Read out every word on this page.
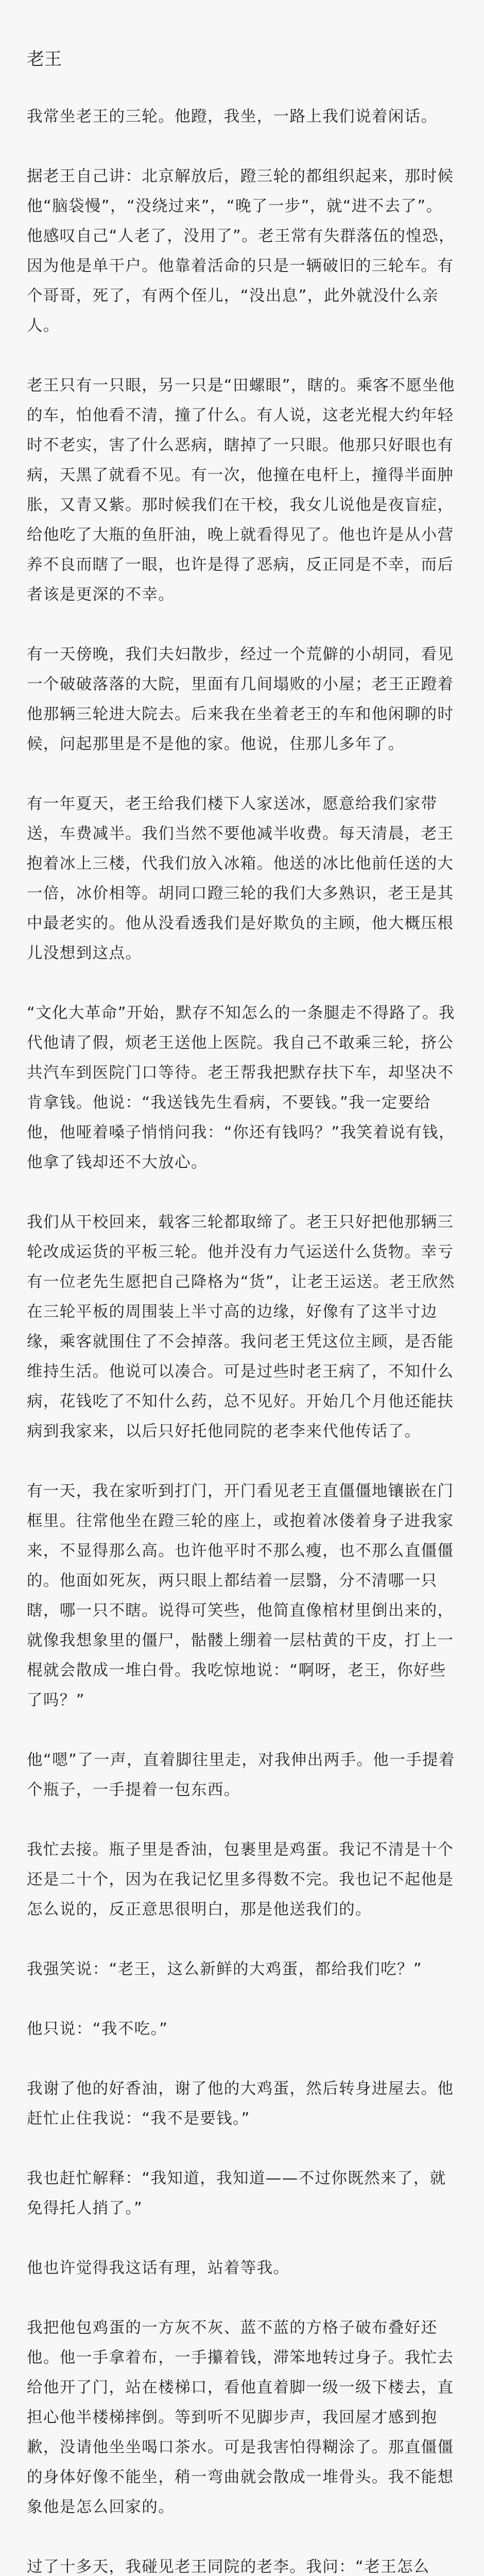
老王

我常坐老王的三轮。他蹬，我坐，一路上我们说着闲话。

据老王自己讲：北京解放后，蹬三轮的都组织起来，那时候他“脑袋慢”，“没绕过来”，“晚了一步”，就“进不去了”。他感叹自己“人老了，没用了”。老王常有失群落伍的惶恐，因为他是单干户。他靠着活命的只是一辆破旧的三轮车。有个哥哥，死了，有两个侄儿，“没出息”，此外就没什么亲人。

老王只有一只眼，另一只是“田螺眼”，瞎的。乘客不愿坐他的车，怕他看不清，撞了什么。有人说，这老光棍大约年轻时不老实，害了什么恶病，瞎掉了一只眼。他那只好眼也有病，天黑了就看不见。有一次，他撞在电杆上，撞得半面肿胀，又青又紫。那时候我们在干校，我女儿说他是夜盲症，给他吃了大瓶的鱼肝油，晚上就看得见了。他也许是从小营养不良而瞎了一眼，也许是得了恶病，反正同是不幸，而后者该是更深的不幸。

有一天傍晚，我们夫妇散步，经过一个荒僻的小胡同，看见一个破破落落的大院，里面有几间塌败的小屋；老王正蹬着他那辆三轮进大院去。后来我在坐着老王的车和他闲聊的时候，问起那里是不是他的家。他说，住那儿多年了。

有一年夏天，老王给我们楼下人家送冰，愿意给我们家带送，车费减半。我们当然不要他减半收费。每天清晨，老王抱着冰上三楼，代我们放入冰箱。他送的冰比他前任送的大一倍，冰价相等。胡同口蹬三轮的我们大多熟识，老王是其中最老实的。他从没看透我们是好欺负的主顾，他大概压根儿没想到这点。

“文化大革命”开始，默存不知怎么的一条腿走不得路了。我代他请了假，烦老王送他上医院。我自己不敢乘三轮，挤公共汽车到医院门口等待。老王帮我把默存扶下车，却坚决不肯拿钱。他说：“我送钱先生看病，不要钱。”我一定要给他，他哑着嗓子悄悄问我：“你还有钱吗？”我笑着说有钱，他拿了钱却还不大放心。

我们从干校回来，载客三轮都取缔了。老王只好把他那辆三轮改成运货的平板三轮。他并没有力气运送什么货物。幸亏有一位老先生愿把自己降格为“货”，让老王运送。老王欣然在三轮平板的周围装上半寸高的边缘，好像有了这半寸边缘，乘客就围住了不会掉落。我问老王凭这位主顾，是否能维持生活。他说可以凑合。可是过些时老王病了，不知什么病，花钱吃了不知什么药，总不见好。开始几个月他还能扶病到我家来，以后只好托他同院的老李来代他传话了。

有一天，我在家听到打门，开门看见老王直僵僵地镶嵌在门框里。往常他坐在蹬三轮的座上，或抱着冰偻着身子进我家来，不显得那么高。也许他平时不那么瘦，也不那么直僵僵的。他面如死灰，两只眼上都结着一层翳，分不清哪一只瞎，哪一只不瞎。说得可笑些，他简直像棺材里倒出来的，就像我想象里的僵尸，骷髅上绷着一层枯黄的干皮，打上一棍就会散成一堆白骨。我吃惊地说：“啊呀，老王，你好些了吗？”

他“嗯”了一声，直着脚往里走，对我伸出两手。他一手提着个瓶子，一手提着一包东西。

我忙去接。瓶子里是香油，包裹里是鸡蛋。我记不清是十个还是二十个，因为在我记忆里多得数不完。我也记不起他是怎么说的，反正意思很明白，那是他送我们的。

我强笑说：“老王，这么新鲜的大鸡蛋，都给我们吃？”

他只说：“我不吃。”

我谢了他的好香油，谢了他的大鸡蛋，然后转身进屋去。他赶忙止住我说：“我不是要钱。”

我也赶忙解释：“我知道，我知道——不过你既然来了，就免得托人捎了。”

他也许觉得我这话有理，站着等我。

我把他包鸡蛋的一方灰不灰、蓝不蓝的方格子破布叠好还他。他一手拿着布，一手攥着钱，滞笨地转过身子。我忙去给他开了门，站在楼梯口，看他直着脚一级一级下楼去，直担心他半楼梯摔倒。等到听不见脚步声，我回屋才感到抱歉，没请他坐坐喝口茶水。可是我害怕得糊涂了。那直僵僵的身体好像不能坐，稍一弯曲就会散成一堆骨头。我不能想象他是怎么回家的。

过了十多天，我碰见老王同院的老李。我问：“老王怎么
